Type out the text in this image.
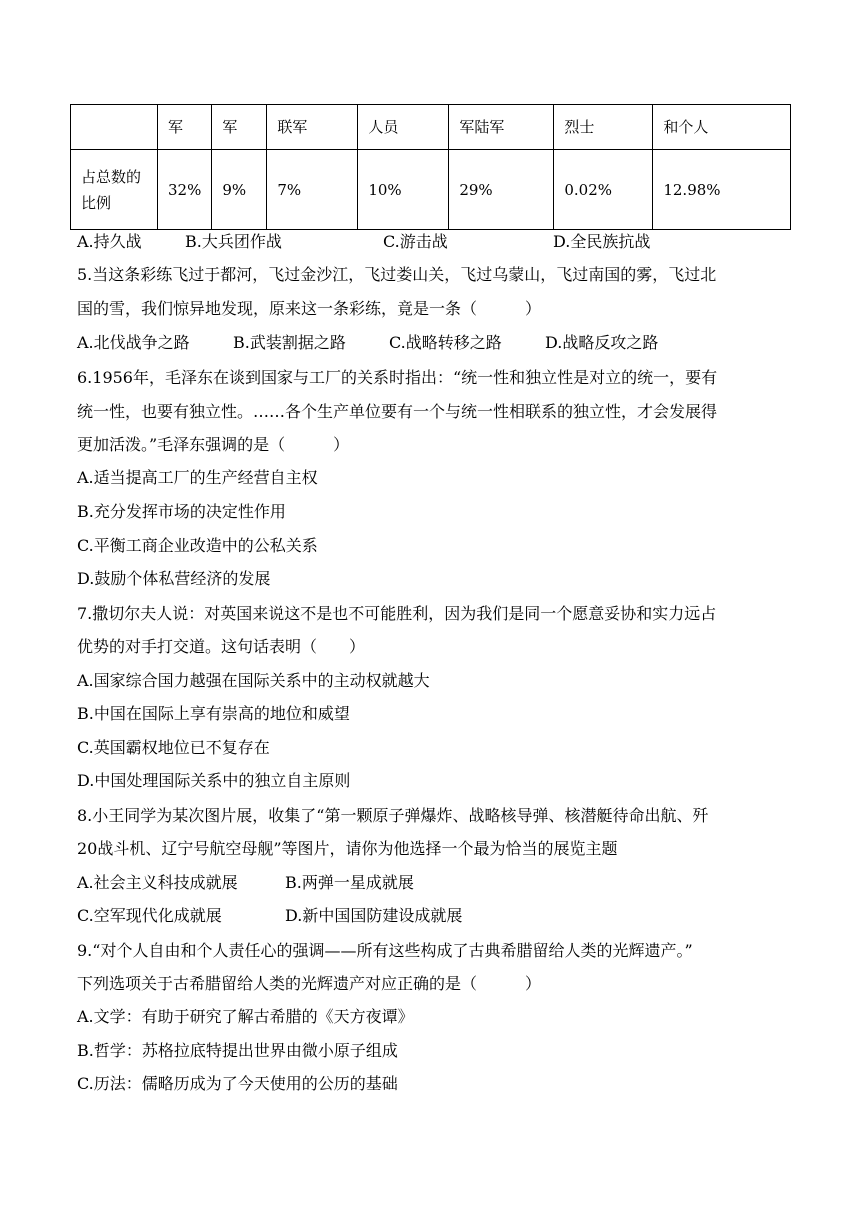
	军	军	联军	人员	军陆军	烈士	和个人

占总数的
比例	32%	9%	7%	10%	29%	0.02%	12.98%
A.持久战	B.大兵团作战	C.游击战	D.全民族抗战
5.当这条彩练飞过于都河，飞过金沙江，飞过娄山关，飞过乌蒙山，飞过南国的雾，飞过北
国的雪，我们惊异地发现，原来这一条彩练，竟是一条（　　　）
A.北伐战争之路	B.武装割据之路	C.战略转移之路	D.战略反攻之路
6.1956年，毛泽东在谈到国家与工厂的关系时指出：“统一性和独立性是对立的统一，要有
统一性，也要有独立性。……各个生产单位要有一个与统一性相联系的独立性，才会发展得
更加活泼。”毛泽东强调的是（　　　）
A.适当提高工厂的生产经营自主权
B.充分发挥市场的决定性作用
C.平衡工商企业改造中的公私关系
D.鼓励个体私营经济的发展
7.撒切尔夫人说：对英国来说这不是也不可能胜利，因为我们是同一个愿意妥协和实力远占
优势的对手打交道。这句话表明（　　）
A.国家综合国力越强在国际关系中的主动权就越大
B.中国在国际上享有崇高的地位和威望
C.英国霸权地位已不复存在
D.中国处理国际关系中的独立自主原则
8.小王同学为某次图片展，收集了“第一颗原子弹爆炸、战略核导弹、核潜艇待命出航、歼
20战斗机、辽宁号航空母舰”等图片，请你为他选择一个最为恰当的展览主题
A.社会主义科技成就展	B.两弹一星成就展
C.空军现代化成就展	D.新中国国防建设成就展
9.“对个人自由和个人责任心的强调——所有这些构成了古典希腊留给人类的光辉遗产。”
下列选项关于古希腊留给人类的光辉遗产对应正确的是（　　　）
A.文学：有助于研究了解古希腊的《天方夜谭》
B.哲学：苏格拉底特提出世界由微小原子组成
C.历法：儒略历成为了今天使用的公历的基础
